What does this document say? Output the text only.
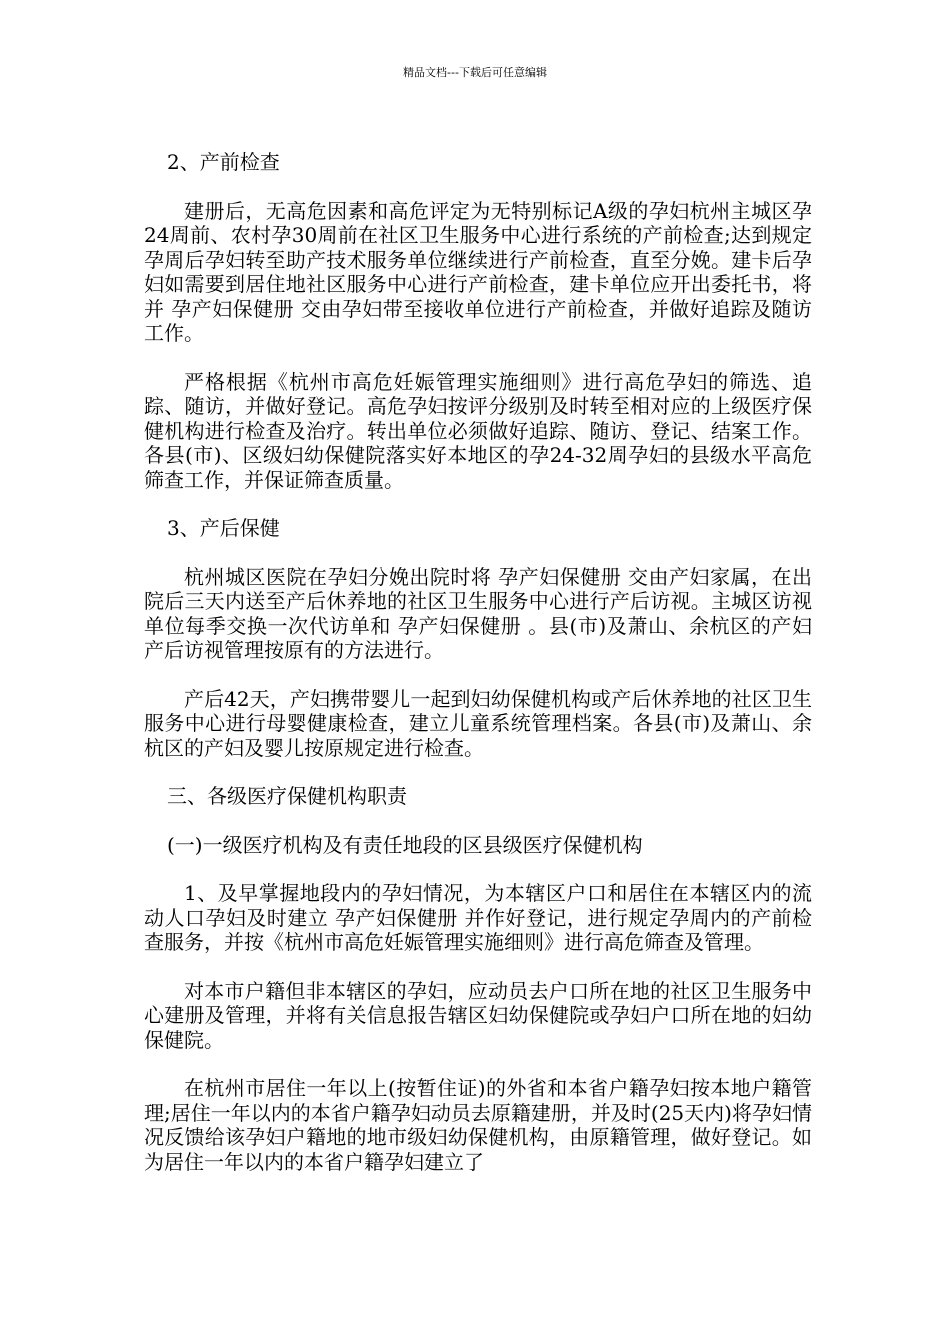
精品文档---下载后可任意编辑
2、产前检查

建册后，无高危因素和高危评定为无特别标记A级的孕妇杭州主城区孕24周前、农村孕30周前在社区卫生服务中心进行系统的产前检查;达到规定孕周后孕妇转至助产技术服务单位继续进行产前检查，直至分娩。建卡后孕妇如需要到居住地社区服务中心进行产前检查，建卡单位应开出委托书，将并 孕产妇保健册 交由孕妇带至接收单位进行产前检查，并做好追踪及随访工作。

严格根据《杭州市高危妊娠管理实施细则》进行高危孕妇的筛选、追踪、随访，并做好登记。高危孕妇按评分级别及时转至相对应的上级医疗保健机构进行检查及治疗。转出单位必须做好追踪、随访、登记、结案工作。各县(市)、区级妇幼保健院落实好本地区的孕24-32周孕妇的县级水平高危筛查工作，并保证筛查质量。

3、产后保健

杭州城区医院在孕妇分娩出院时将 孕产妇保健册 交由产妇家属，在出院后三天内送至产后休养地的社区卫生服务中心进行产后访视。主城区访视单位每季交换一次代访单和 孕产妇保健册 。县(市)及萧山、余杭区的产妇产后访视管理按原有的方法进行。

产后42天，产妇携带婴儿一起到妇幼保健机构或产后休养地的社区卫生服务中心进行母婴健康检查，建立儿童系统管理档案。各县(市)及萧山、余杭区的产妇及婴儿按原规定进行检查。

三、各级医疗保健机构职责
(一)一级医疗机构及有责任地段的区县级医疗保健机构

1、及早掌握地段内的孕妇情况，为本辖区户口和居住在本辖区内的流动人口孕妇及时建立 孕产妇保健册 并作好登记，进行规定孕周内的产前检查服务，并按《杭州市高危妊娠管理实施细则》进行高危筛查及管理。

对本市户籍但非本辖区的孕妇，应动员去户口所在地的社区卫生服务中心建册及管理，并将有关信息报告辖区妇幼保健院或孕妇户口所在地的妇幼保健院。

在杭州市居住一年以上(按暂住证)的外省和本省户籍孕妇按本地户籍管理;居住一年以内的本省户籍孕妇动员去原籍建册，并及时(25天内)将孕妇情况反馈给该孕妇户籍地的地市级妇幼保健机构，由原籍管理，做好登记。如为居住一年以内的本省户籍孕妇建立了
